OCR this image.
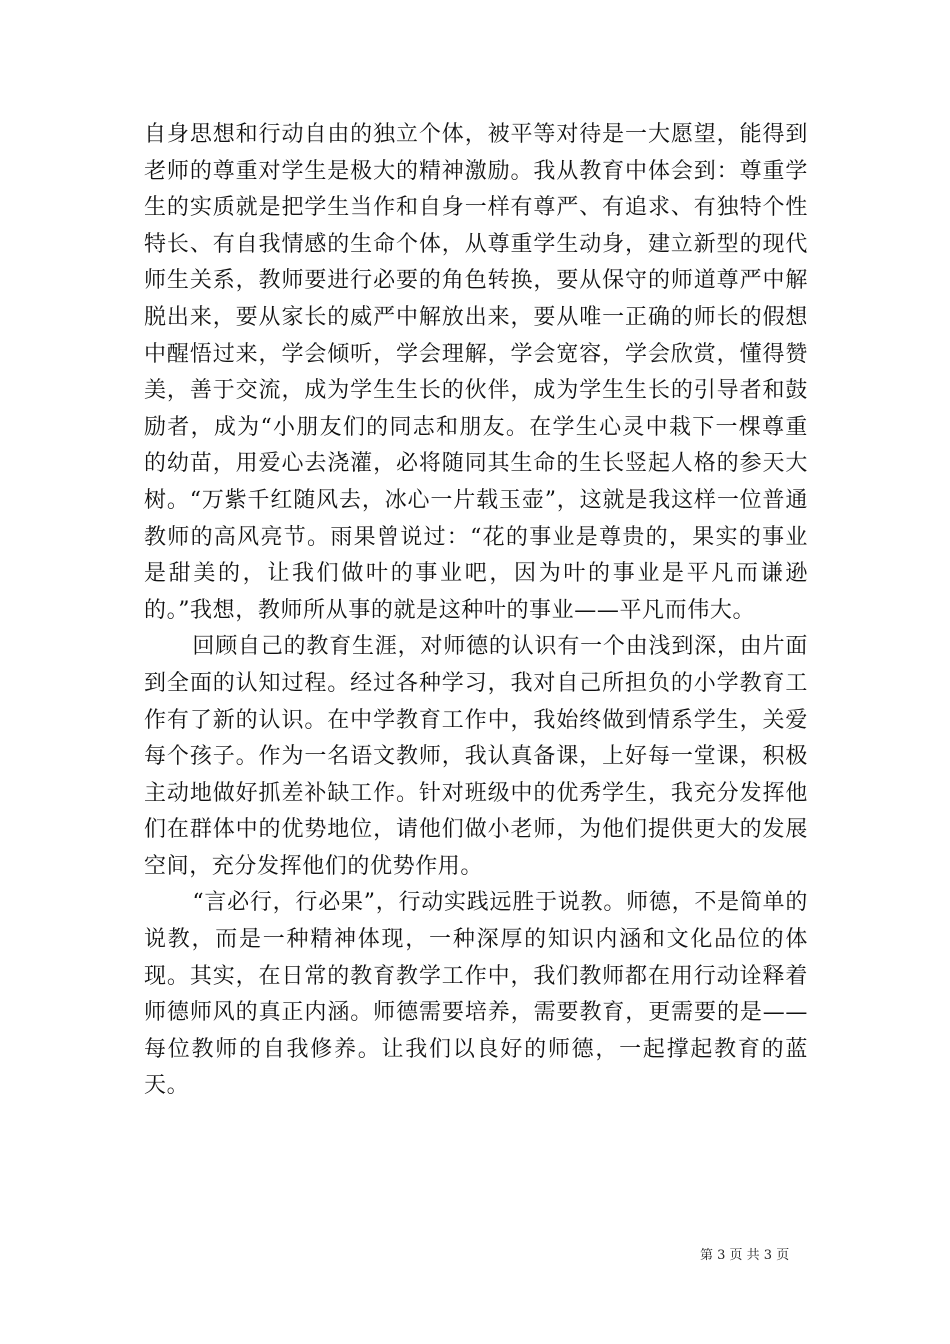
自身思想和行动自由的独立个体，被平等对待是一大愿望，能得到老师的尊重对学生是极大的精神激励。我从教育中体会到：尊重学生的实质就是把学生当作和自身一样有尊严、有追求、有独特个性特长、有自我情感的生命个体，从尊重学生动身，建立新型的现代师生关系，教师要进行必要的角色转换，要从保守的师道尊严中解脱出来，要从家长的威严中解放出来，要从唯一正确的师长的假想中醒悟过来，学会倾听，学会理解，学会宽容，学会欣赏，懂得赞美，善于交流，成为学生生长的伙伴，成为学生生长的引导者和鼓励者，成为“小朋友们的同志和朋友。在学生心灵中栽下一棵尊重的幼苗，用爱心去浇灌，必将随同其生命的生长竖起人格的参天大树。“万紫千红随风去，冰心一片载玉壶”，这就是我这样一位普通教师的高风亮节。雨果曾说过：“花的事业是尊贵的，果实的事业是甜美的，让我们做叶的事业吧，因为叶的事业是平凡而谦逊的。”我想，教师所从事的就是这种叶的事业——平凡而伟大。

回顾自己的教育生涯，对师德的认识有一个由浅到深，由片面到全面的认知过程。经过各种学习，我对自己所担负的小学教育工作有了新的认识。在中学教育工作中，我始终做到情系学生，关爱每个孩子。作为一名语文教师，我认真备课，上好每一堂课，积极主动地做好抓差补缺工作。针对班级中的优秀学生，我充分发挥他们在群体中的优势地位，请他们做小老师，为他们提供更大的发展空间，充分发挥他们的优势作用。

“言必行，行必果”，行动实践远胜于说教。师德，不是简单的说教，而是一种精神体现，一种深厚的知识内涵和文化品位的体现。其实，在日常的教育教学工作中，我们教师都在用行动诠释着师德师风的真正内涵。师德需要培养，需要教育，更需要的是——每位教师的自我修养。让我们以良好的师德，一起撑起教育的蓝天。

第 3 页 共 3 页
